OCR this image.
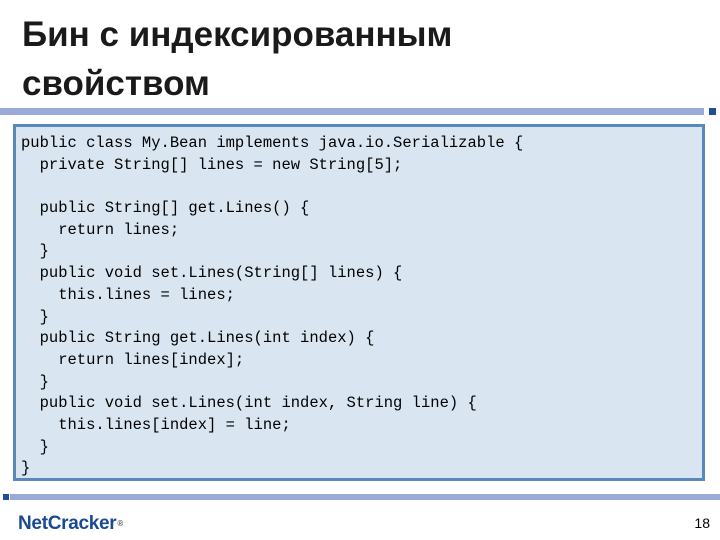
Бин с индексированным
свойством
public class My.Bean implements java.io.Serializable {
private String[] lines = new String[5];
public String[] get.Lines() {
return lines;
}
public void set.Lines(String[] lines) {
this.lines = lines;
}
public String get.Lines(int index) {
return lines[index];
}
public void set.Lines(int index, String line) {
this.lines[index] = line;
}
}
NetCracker®	18
